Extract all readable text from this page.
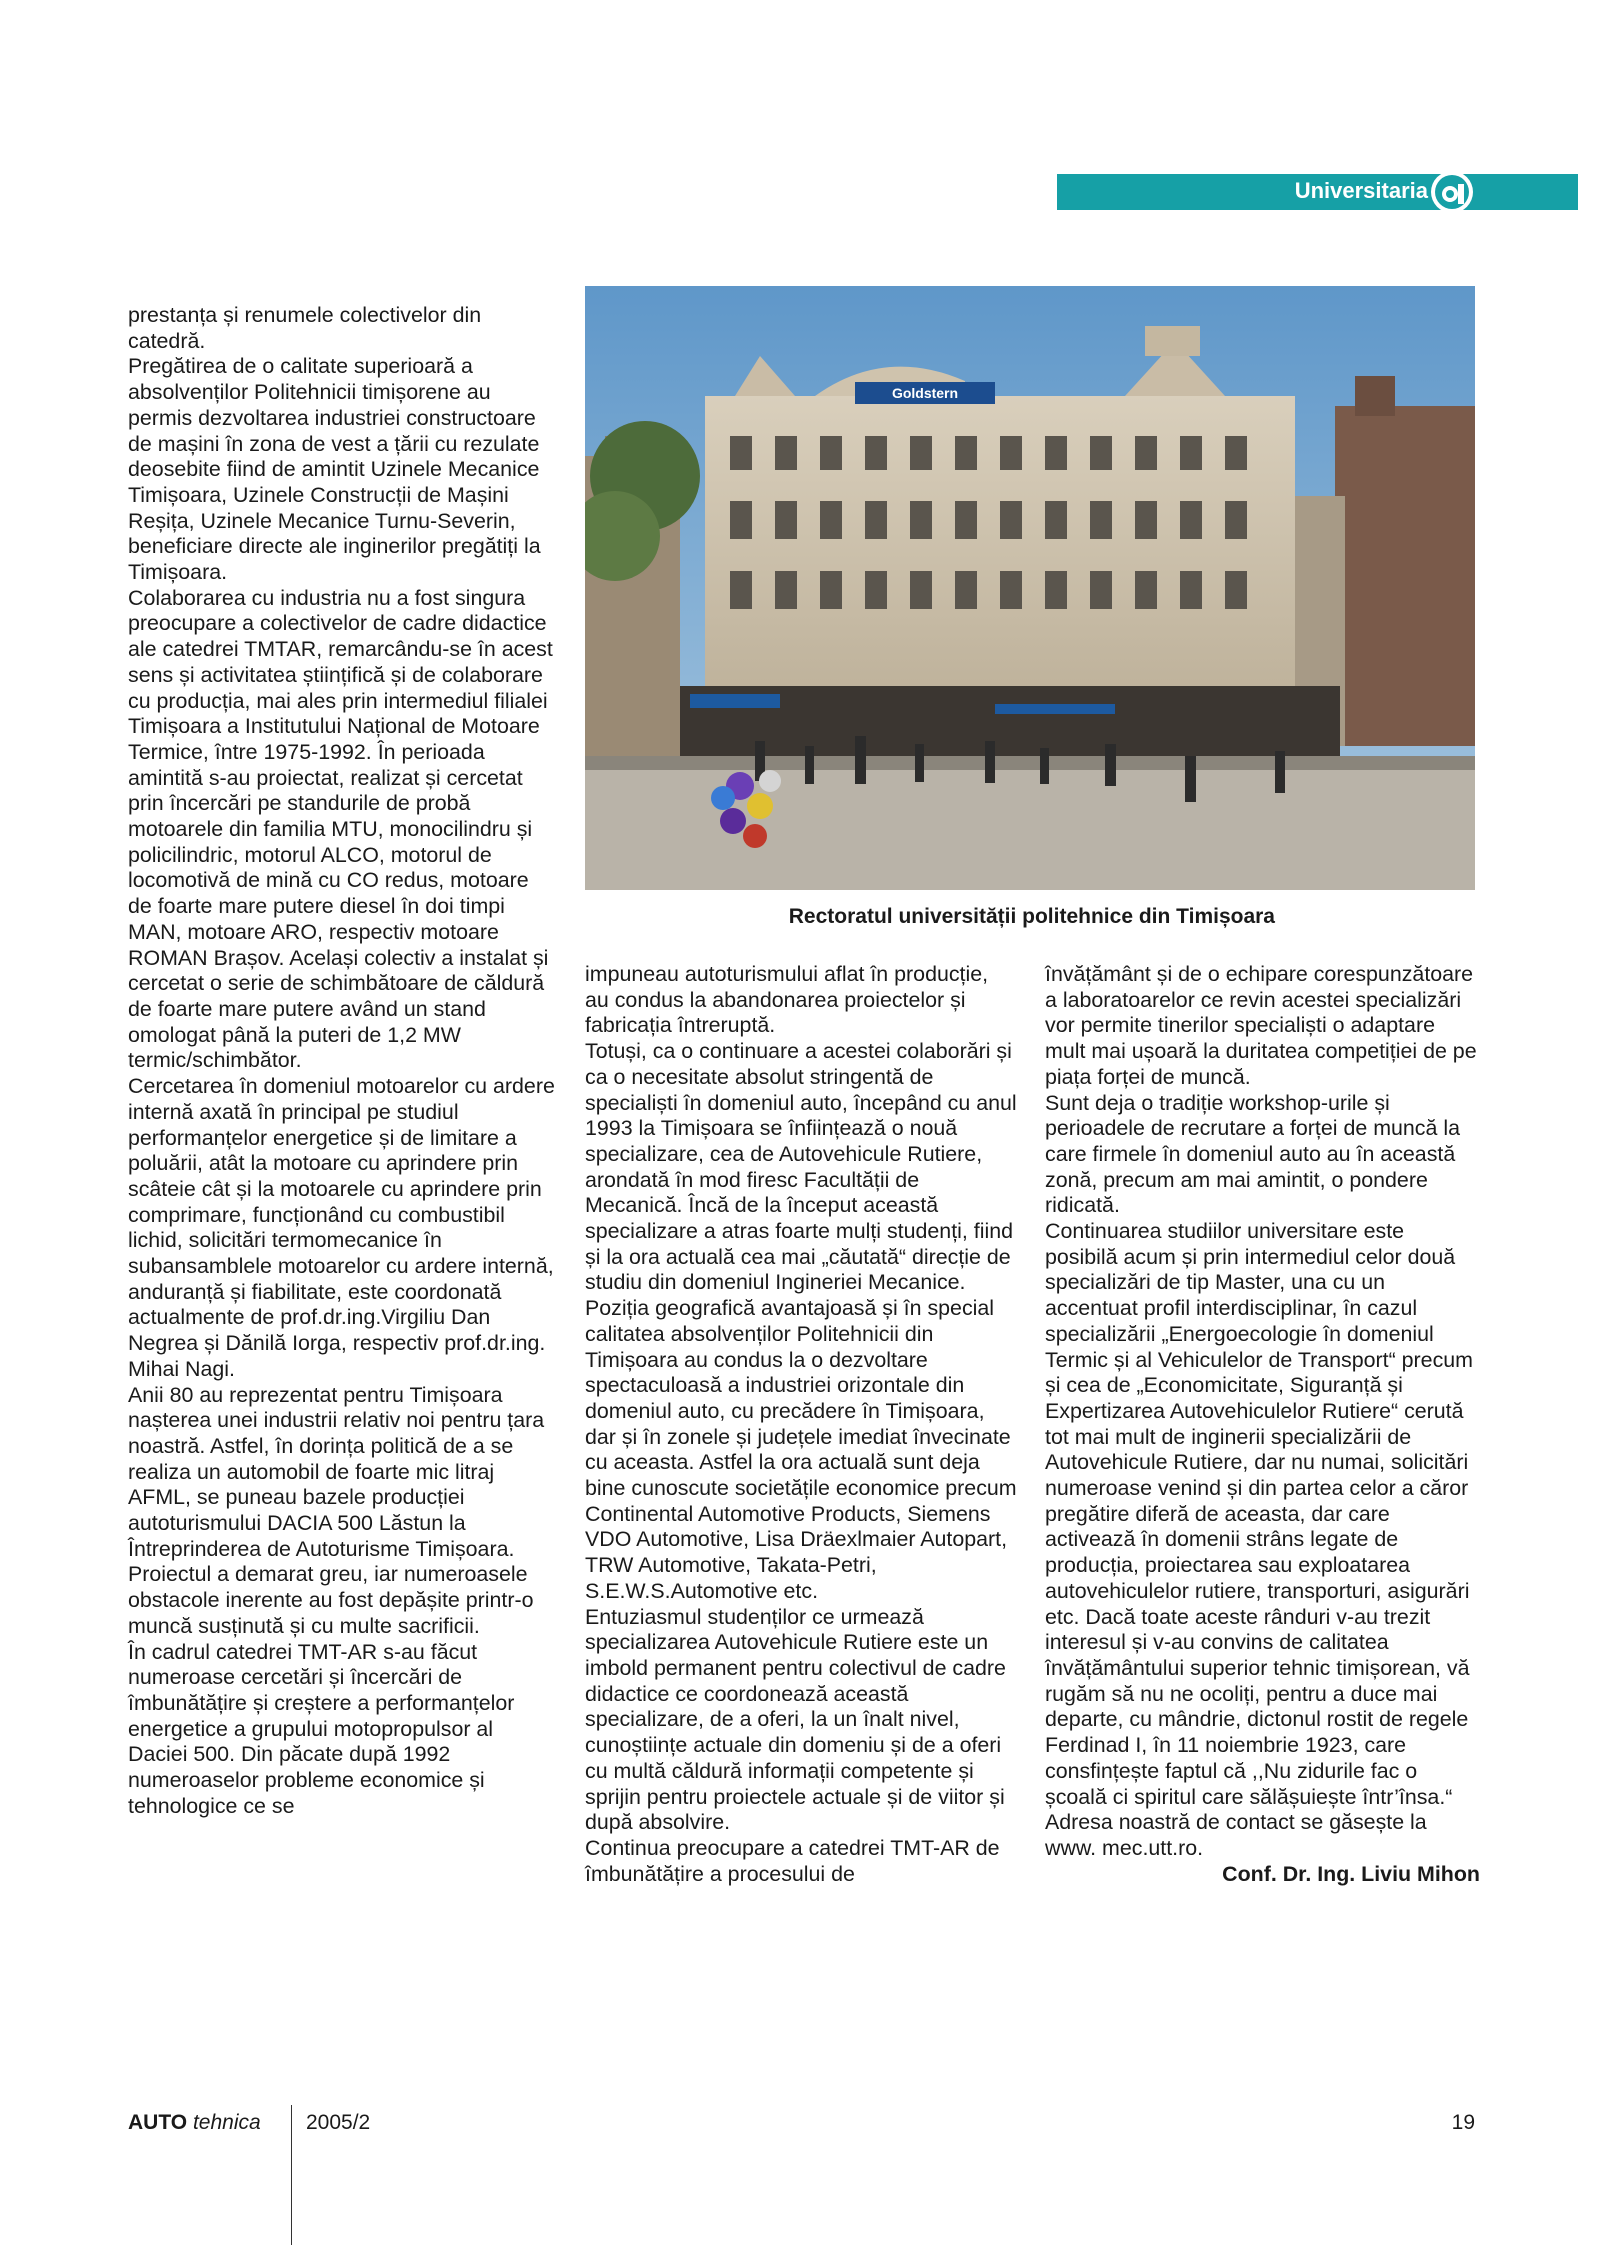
Universitaria
Goldstern
Rectoratul universității politehnice din Timișoara

prestanța și renumele colectivelor din catedră.

Pregătirea de o calitate superioară a absolvenților Politehnicii timișorene au permis dezvoltarea industriei constructoare de mașini în zona de vest a țării cu rezulate deosebite fiind de amintit Uzinele Mecanice Timișoara, Uzinele Construcții de Mașini Reșița, Uzinele Mecanice Turnu-Severin, beneficiare directe ale inginerilor pregătiți la Timișoara.

Colaborarea cu industria nu a fost singura preocupare a colectivelor de cadre didactice ale catedrei TMTAR, remarcându-se în acest sens și activitatea științifică și de colaborare cu producția, mai ales prin intermediul filialei Timișoara a Institutului Național de Motoare Termice, între 1975-1992. În perioada amintită s-au proiectat, realizat și cercetat prin încercări pe standurile de probă motoarele din familia MTU, monocilindru și policilindric, motorul ALCO, motorul de locomotivă de mină cu CO redus, motoare de foarte mare putere diesel în doi timpi MAN, motoare ARO, respectiv motoare ROMAN Brașov. Același colectiv a instalat și cercetat o serie de schimbătoare de căldură de foarte mare putere având un stand omologat până la puteri de 1,2 MW termic/schimbător.

Cercetarea în domeniul motoarelor cu ardere internă axată în principal pe studiul performanțelor energetice și de limitare a poluării, atât la motoare cu aprindere prin scâteie cât și la motoarele cu aprindere prin comprimare, funcționând cu combustibil lichid, solicitări termomecanice în subansamblele motoarelor cu ardere internă, anduranță și fiabilitate, este coordonată actualmente de prof.dr.ing.Virgiliu Dan Negrea și Dănilă Iorga, respectiv prof.dr.ing. Mihai Nagi.

Anii 80 au reprezentat pentru Timișoara nașterea unei industrii relativ noi pentru țara noastră. Astfel, în dorința politică de a se realiza un automobil de foarte mic litraj AFML, se puneau bazele producției autoturismului DACIA 500 Lăstun la Întreprinderea de Autoturisme Timișoara. Proiectul a demarat greu, iar numeroasele obstacole inerente au fost depășite printr-o muncă susținută și cu multe sacrificii.

În cadrul catedrei TMT-AR s-au făcut numeroase cercetări și încercări de îmbunătățire și creștere a performanțelor energetice a grupului motopropulsor al Daciei 500. Din păcate după 1992 numeroaselor probleme economice și tehnologice ce se

impuneau autoturismului aflat în producție, au condus la abandonarea proiectelor și fabricația întreruptă.

Totuși, ca o continuare a acestei colaborări și ca o necesitate absolut stringentă de specialiști în domeniul auto, începând cu anul 1993 la Timișoara se înființează o nouă specializare, cea de Autovehicule Rutiere, arondată în mod firesc Facultății de Mecanică. Încă de la început această specializare a atras foarte mulți studenți, fiind și la ora actuală cea mai „căutată“ direcție de studiu din domeniul Ingineriei Mecanice.

Poziția geografică avantajoasă și în special calitatea absolvenților Politehnicii din Timișoara au condus la o dezvoltare spectaculoasă a industriei orizontale din domeniul auto, cu precădere în Timișoara, dar și în zonele și județele imediat învecinate cu aceasta. Astfel la ora actuală sunt deja bine cunoscute societățile economice precum Continental Automotive Products, Siemens VDO Automotive, Lisa Dräexlmaier Autopart, TRW Automotive, Takata-Petri, S.E.W.S.Automotive etc.

Entuziasmul studenților ce urmează specializarea Autovehicule Rutiere este un imbold permanent pentru colectivul de cadre didactice ce coordonează această specializare, de a oferi, la un înalt nivel, cunoștiințe actuale din domeniu și de a oferi cu multă căldură informații competente și sprijin pentru proiectele actuale și de viitor și după absolvire.

Continua preocupare a catedrei TMT-AR de îmbunătățire a procesului de

învățământ și de o echipare corespunzătoare a laboratoarelor ce revin acestei specializări vor permite tinerilor specialiști o adaptare mult mai ușoară la duritatea competiției de pe piața forței de muncă.

Sunt deja o tradiție workshop-urile și perioadele de recrutare a forței de muncă la care firmele în domeniul auto au în această zonă, precum am mai amintit, o pondere ridicată.

Continuarea studiilor universitare este posibilă acum și prin intermediul celor două specializări de tip Master, una cu un accentuat profil interdisciplinar, în cazul specializării „Energoecologie în domeniul Termic și al Vehiculelor de Transport“ precum și cea de „Economicitate, Siguranță și Expertizarea Autovehiculelor Rutiere“ cerută tot mai mult de inginerii specializării de Autovehicule Rutiere, dar nu numai, solicitări numeroase venind și din partea celor a căror pregătire diferă de aceasta, dar care activează în domenii strâns legate de producția, proiectarea sau exploatarea autovehiculelor rutiere, transporturi, asigurări etc. Dacă toate aceste rânduri v-au trezit interesul și v-au convins de calitatea învățământului superior tehnic timișorean, vă rugăm să nu ne ocoliți, pentru a duce mai departe, cu mândrie, dictonul rostit de regele Ferdinad I, în 11 noiembrie 1923, care consfințește faptul că ,,Nu zidurile fac o școală ci spiritul care sălășuiește într’însa.“

Adresa noastră de contact se găsește la www. mec.utt.ro.

Conf. Dr. Ing. Liviu Mihon

AUTO tehnica 2005/2	19
